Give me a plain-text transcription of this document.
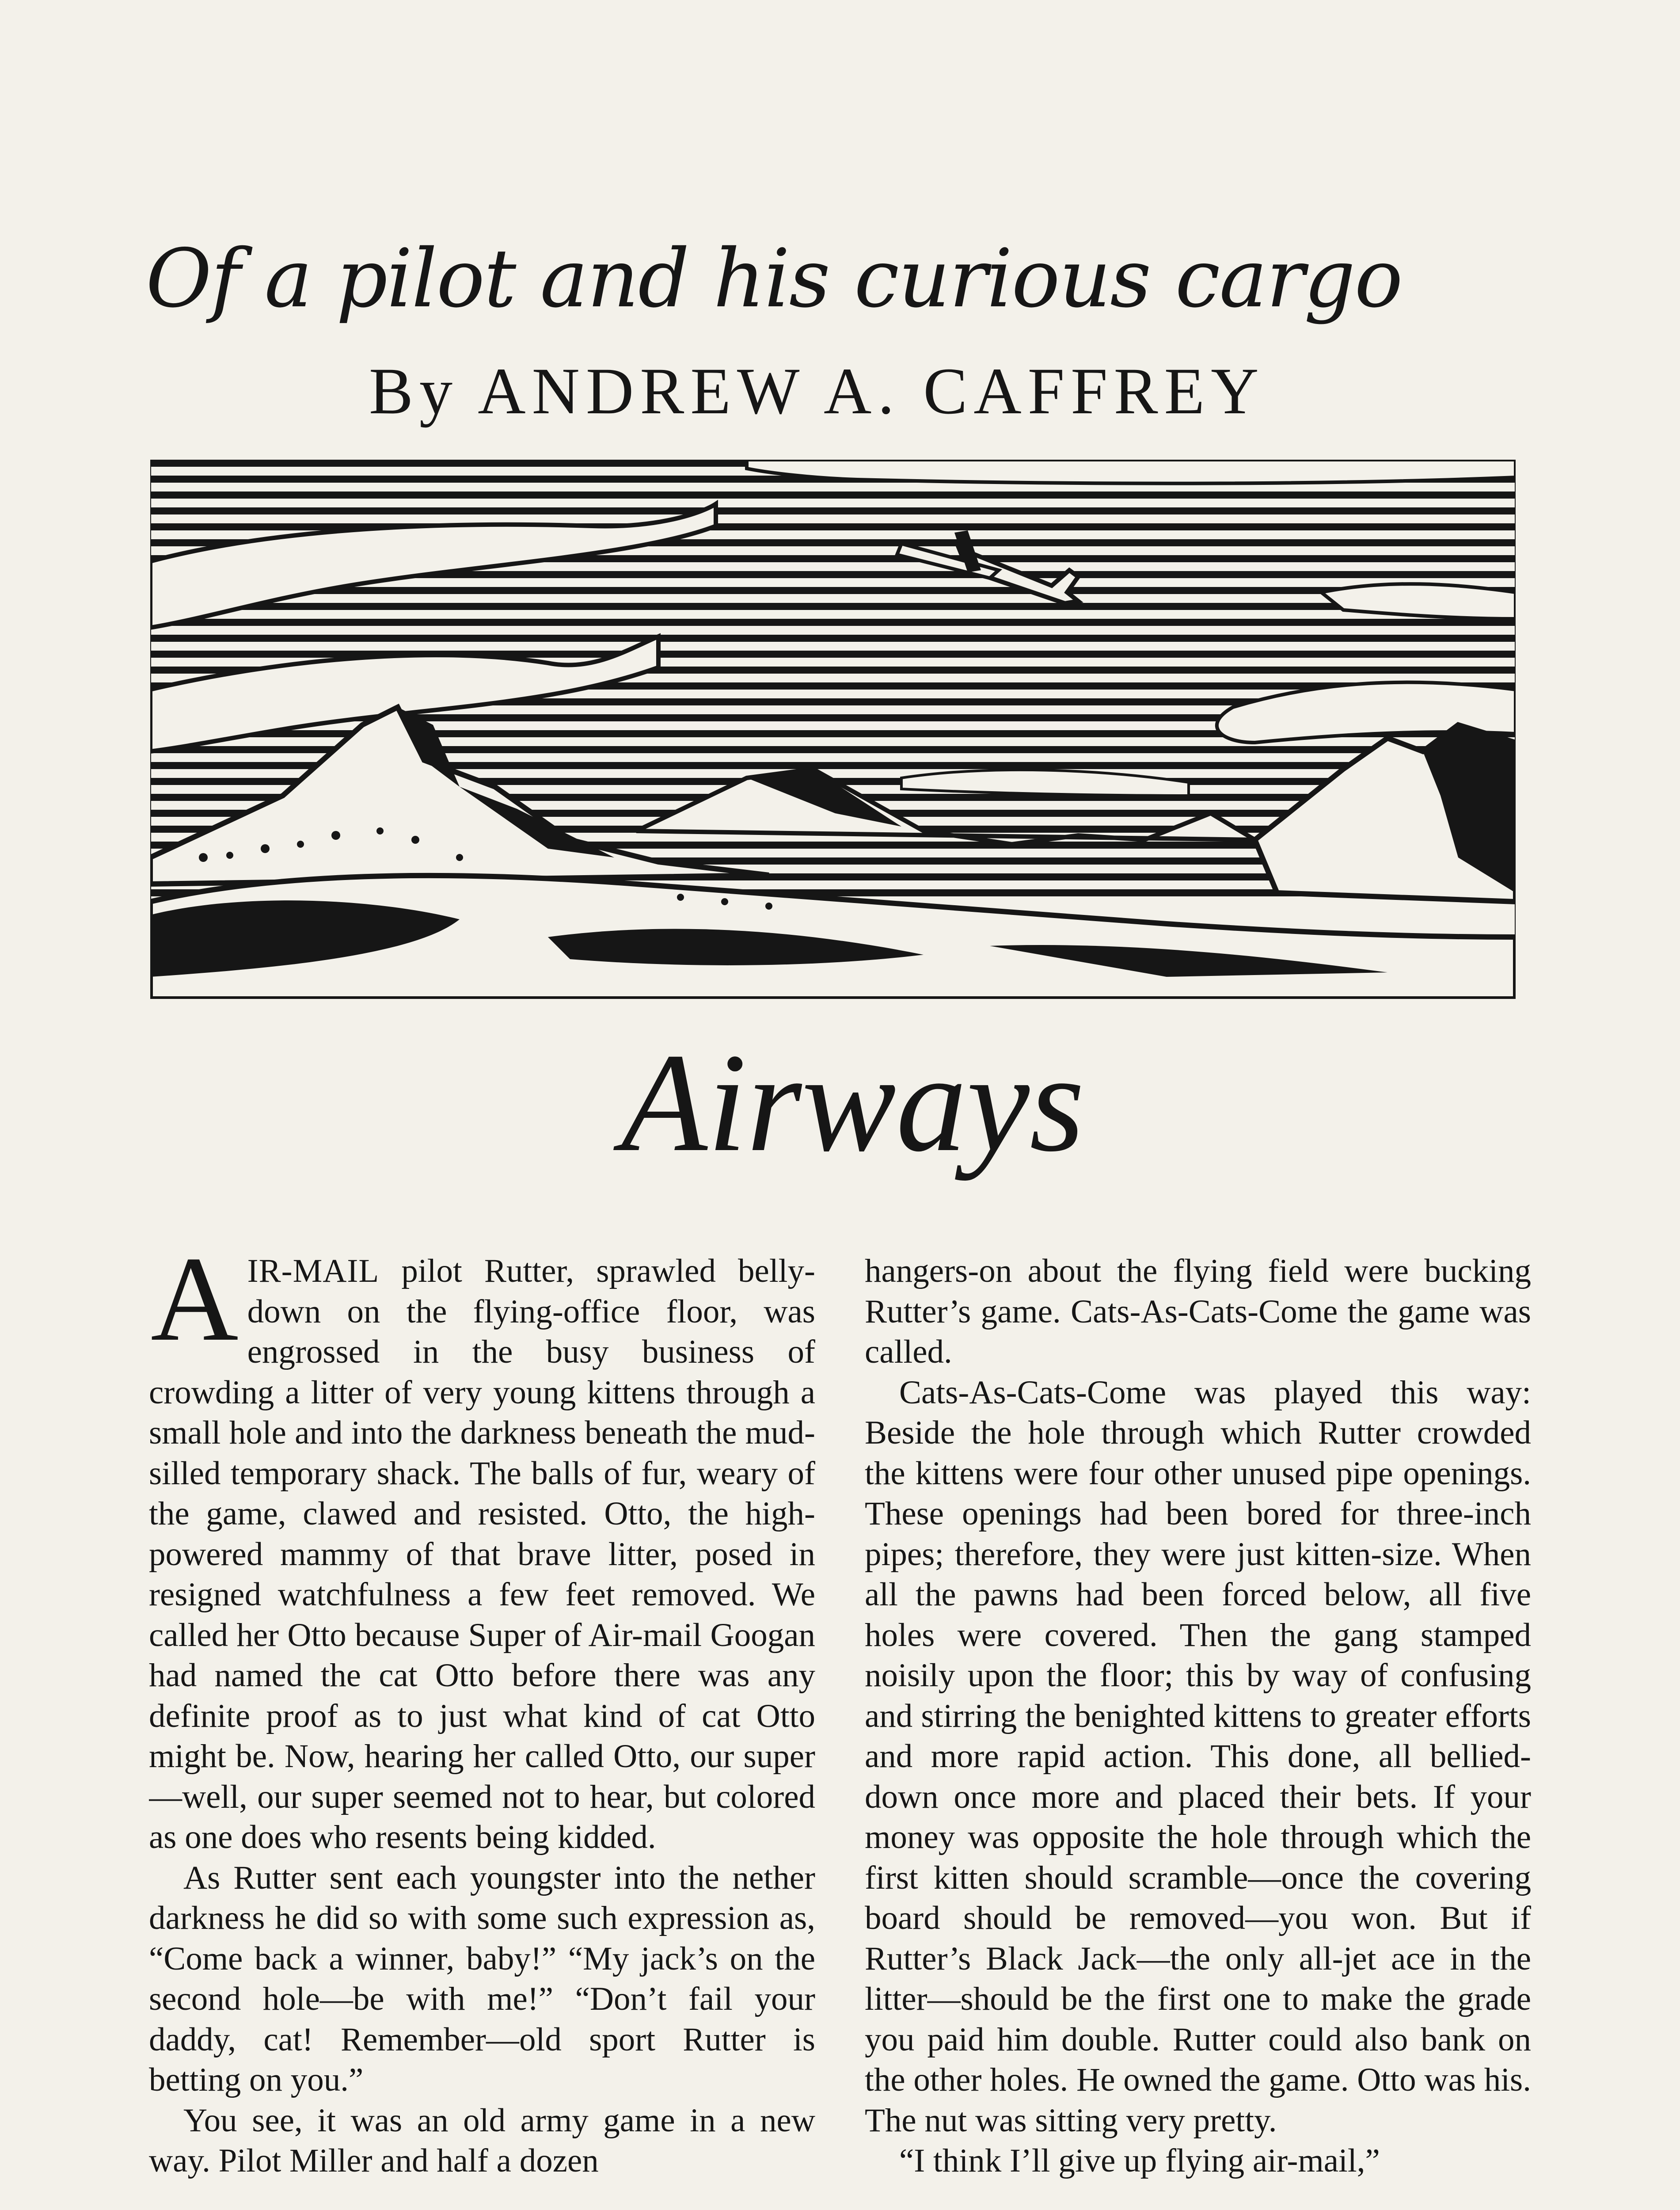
Of a pilot and his curious cargo
By ANDREW A. CAFFREY
Airways

AIR-MAIL pilot Rutter, sprawled belly-down on the flying-office floor, was engrossed in the busy business of crowding a litter of very young kittens through a small hole and into the darkness beneath the mud-silled temporary shack. The balls of fur, weary of the game, clawed and resisted. Otto, the high-powered mammy of that brave litter, posed in resigned watchfulness a few feet removed. We called her Otto because Super of Air-mail Googan had named the cat Otto before there was any definite proof as to just what kind of cat Otto might be. Now, hearing her called Otto, our super—well, our super seemed not to hear, but colored as one does who resents being kidded.

As Rutter sent each youngster into the nether darkness he did so with some such expression as, “Come back a winner, baby!” “My jack’s on the second hole—be with me!” “Don’t fail your daddy, cat! Remember—old sport Rutter is betting on you.”

You see, it was an old army game in a new way. Pilot Miller and half a dozen

hangers-on about the flying field were bucking Rutter’s game. Cats-As-Cats-Come the game was called.

Cats-As-Cats-Come was played this way: Beside the hole through which Rutter crowded the kittens were four other unused pipe openings. These openings had been bored for three-inch pipes; therefore, they were just kitten-size. When all the pawns had been forced below, all five holes were covered. Then the gang stamped noisily upon the floor; this by way of confusing and stirring the benighted kittens to greater efforts and more rapid action. This done, all bellied-down once more and placed their bets. If your money was opposite the hole through which the first kitten should scramble—once the covering board should be removed—you won. But if Rutter’s Black Jack—the only all-jet ace in the litter—should be the first one to make the grade you paid him double. Rutter could also bank on the other holes. He owned the game. Otto was his. The nut was sitting very pretty.

“I think I’ll give up flying air-mail,”
